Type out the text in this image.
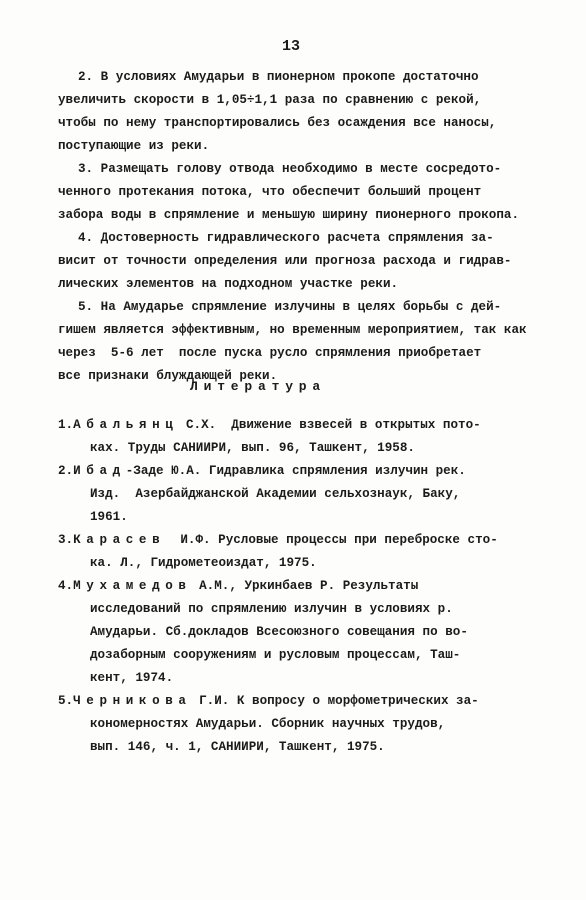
13
2. В условиях Амударьи в пионерном прокопе достаточно
увеличить скорости в 1,05÷1,1 раза по сравнению с рекой,
чтобы по нему транспортировались без осаждения все наносы,
поступающие из реки.
3. Размещать голову отвода необходимо в месте сосредото-
ченного протекания потока, что обеспечит больший процент
забора воды в спрямление и меньшую ширину пионерного прокопа.
4. Достоверность гидравлического расчета спрямления за-
висит от точности определения или прогноза расхода и гидрав-
лических элементов на подходном участке реки.
5. На Амударье спрямление излучины в целях борьбы с дей-
гишем является эффективным, но временным мероприятием, так как
через  5-6 лет  после пуска русло спрямления приобретает
все признаки блуждающей реки.
Литература
1.Абальянц С.Х.  Движение взвесей в открытых пото-
кax. Труды САНИИРИ, вып. 96, Ташкент, 1958.
2.Ибад-Заде Ю.А. Гидравлика спрямления излучин рек.
Изд.  Азербайджанской Академии сельхознаук, Баку,
1961.
3.Карасев  И.Ф. Русловые процессы при переброске сто-
ка. Л., Гидрометеоиздат, 1975.
4.Мухамедов А.М., Уркинбаев Р. Результаты
исследований по спрямлению излучин в условиях р.
Амударьи. Сб.докладов Всесоюзного совещания по во-
дозаборным сооружениям и русловым процессам, Таш-
кент, 1974.
5.Черникова Г.И. К вопросу о морфометрических за-
кономерностях Амударьи. Сборник научных трудов,
вып. 146, ч. 1, САНИИРИ, Ташкент, 1975.
